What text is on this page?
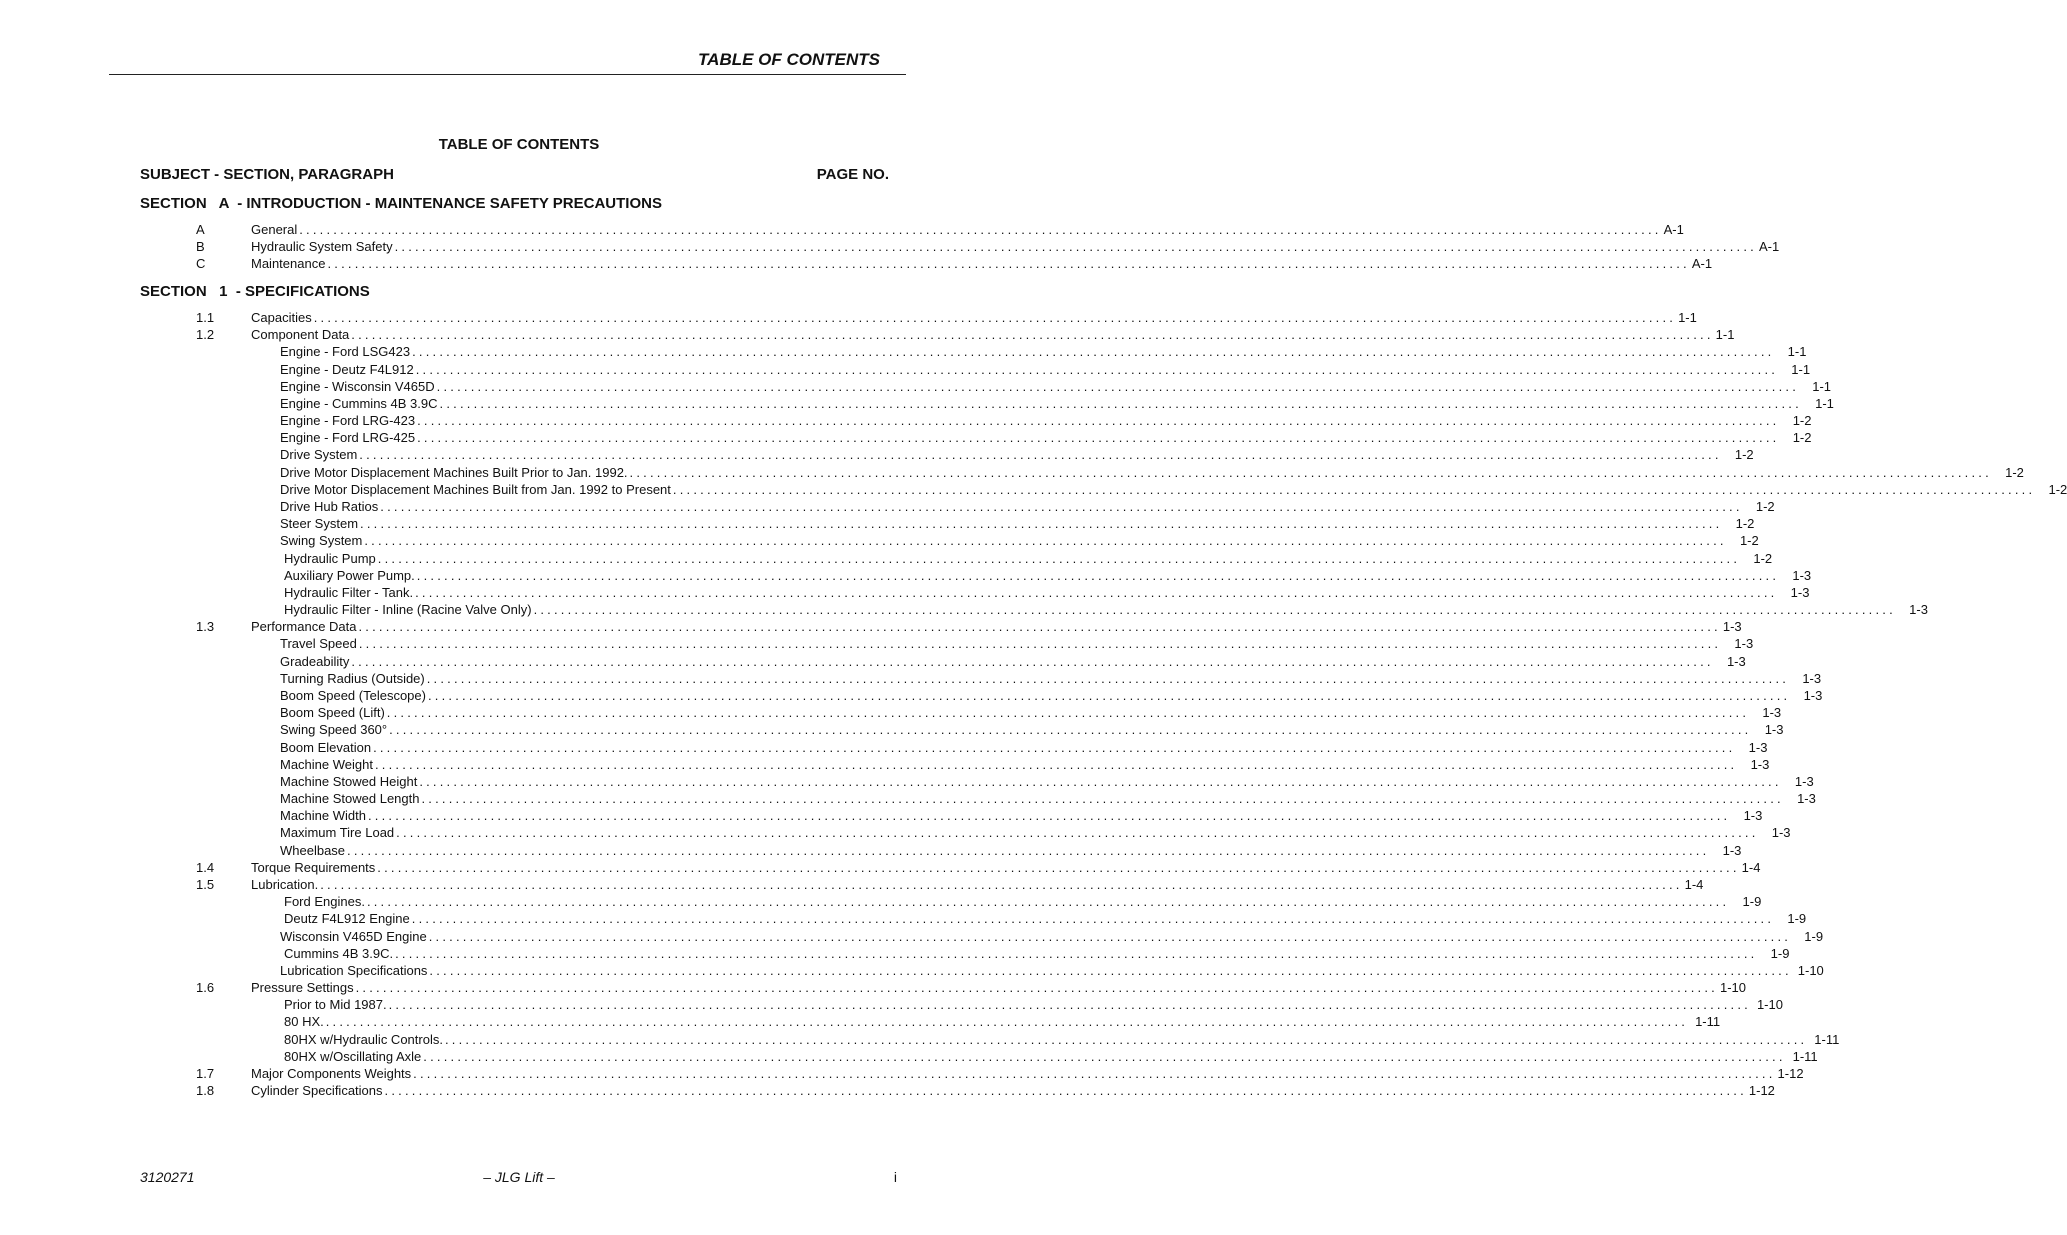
TABLE OF CONTENTS
TABLE OF CONTENTS
SUBJECT - SECTION, PARAGRAPH	PAGE NO.
SECTION   A  - INTRODUCTION - MAINTENANCE SAFETY PRECAUTIONS
A	General ........................................................................................................................................................................................................ A-1
B	Hydraulic System Safety ........................................................................................................................................................................................................ A-1
C	Maintenance ........................................................................................................................................................................................................ A-1
SECTION   1  - SPECIFICATIONS
1.1	Capacities ........................................................................................................................................................................................................ 1-1
1.2	Component Data ........................................................................................................................................................................................................ 1-1
Engine - Ford LSG423 ........................................................................................................................................................................................................	1-1
Engine - Deutz F4L912 ........................................................................................................................................................................................................	1-1
Engine - Wisconsin V465D ........................................................................................................................................................................................................	1-1
Engine - Cummins 4B 3.9C ........................................................................................................................................................................................................	1-1
Engine - Ford LRG-423 ........................................................................................................................................................................................................	1-2
Engine - Ford LRG-425 ........................................................................................................................................................................................................	1-2
Drive System ........................................................................................................................................................................................................	1-2
Drive Motor Displacement Machines Built Prior to Jan. 1992. ........................................................................................................................................................................................................	1-2
Drive Motor Displacement Machines Built from Jan. 1992 to Present ........................................................................................................................................................................................................	1-2
Drive Hub Ratios ........................................................................................................................................................................................................	1-2
Steer System ........................................................................................................................................................................................................	1-2
Swing System ........................................................................................................................................................................................................	1-2
Hydraulic Pump ........................................................................................................................................................................................................	1-2
Auxiliary Power Pump. ........................................................................................................................................................................................................	1-3
Hydraulic Filter - Tank. ........................................................................................................................................................................................................	1-3
Hydraulic Filter - Inline (Racine Valve Only) ........................................................................................................................................................................................................	1-3
1.3	Performance Data ........................................................................................................................................................................................................ 1-3
Travel Speed ........................................................................................................................................................................................................	1-3
Gradeability ........................................................................................................................................................................................................	1-3
Turning Radius (Outside) ........................................................................................................................................................................................................	1-3
Boom Speed (Telescope) ........................................................................................................................................................................................................	1-3
Boom Speed (Lift) ........................................................................................................................................................................................................	1-3
Swing Speed 360° ........................................................................................................................................................................................................	1-3
Boom Elevation ........................................................................................................................................................................................................	1-3
Machine Weight ........................................................................................................................................................................................................	1-3
Machine Stowed Height ........................................................................................................................................................................................................	1-3
Machine Stowed Length ........................................................................................................................................................................................................	1-3
Machine Width ........................................................................................................................................................................................................	1-3
Maximum Tire Load ........................................................................................................................................................................................................	1-3
Wheelbase ........................................................................................................................................................................................................	1-3
1.4	Torque Requirements ........................................................................................................................................................................................................ 1-4
1.5	Lubrication. ........................................................................................................................................................................................................ 1-4
Ford Engines. ........................................................................................................................................................................................................	1-9
Deutz F4L912 Engine ........................................................................................................................................................................................................	1-9
Wisconsin V465D Engine ........................................................................................................................................................................................................	1-9
Cummins 4B 3.9C. ........................................................................................................................................................................................................	1-9
Lubrication Specifications ........................................................................................................................................................................................................ 1-10
1.6	Pressure Settings ........................................................................................................................................................................................................ 1-10
Prior to Mid 1987. ........................................................................................................................................................................................................ 1-10
80 HX. ........................................................................................................................................................................................................ 1-11
80HX w/Hydraulic Controls. ........................................................................................................................................................................................................ 1-11
80HX w/Oscillating Axle ........................................................................................................................................................................................................ 1-11
1.7	Major Components Weights ........................................................................................................................................................................................................ 1-12
1.8	Cylinder Specifications ........................................................................................................................................................................................................ 1-12
3120271	– JLG Lift –	i
